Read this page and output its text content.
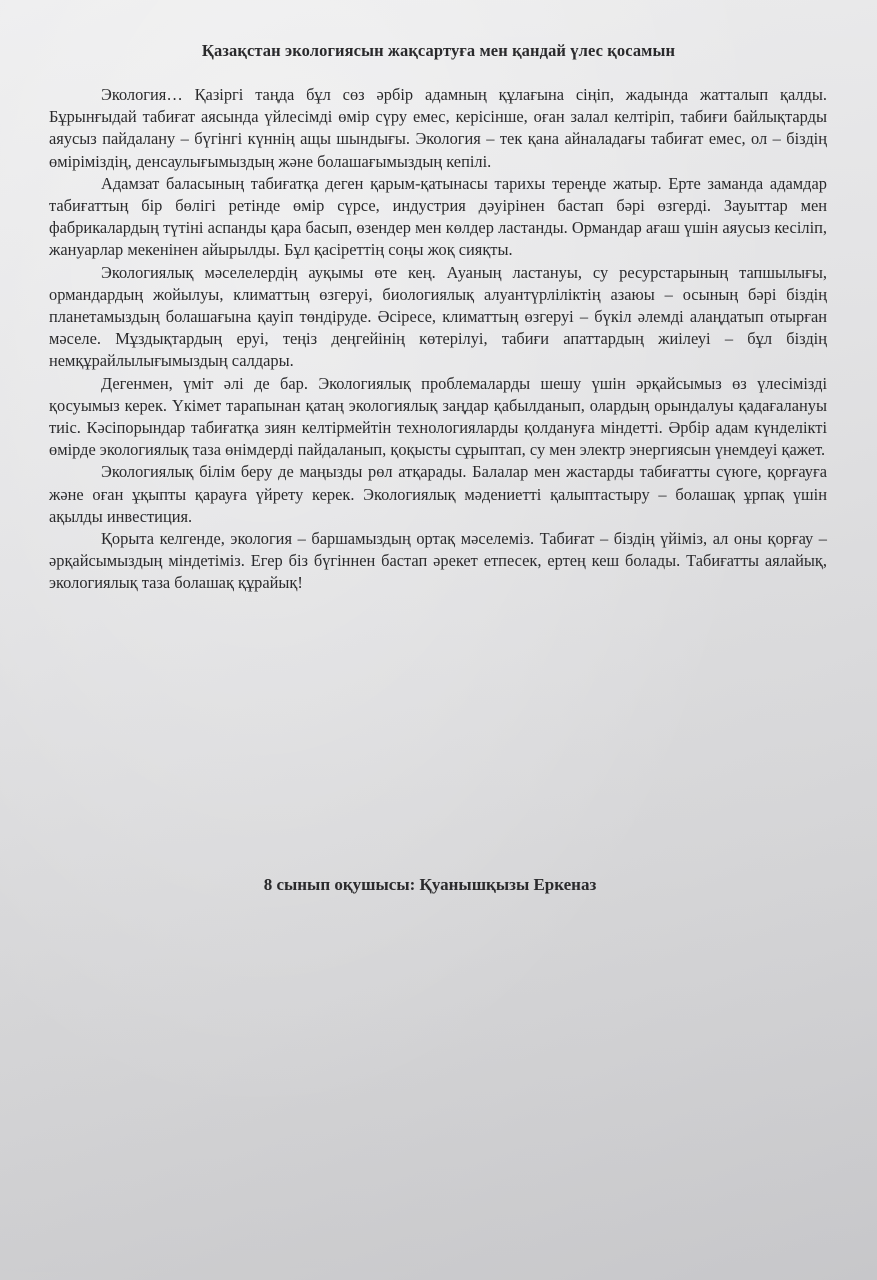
Қазақстан экологиясын жақсартуға мен қандай үлес қосамын

Экология… Қазіргі таңда бұл сөз әрбір адамның құлағына сіңіп, жадында жатталып қалды. Бұрынғыдай табиғат аясында үйлесімді өмір сүру емес, керісінше, оған залал келтіріп, табиғи байлықтарды аяусыз пайдалану – бүгінгі күннің ащы шындығы. Экология – тек қана айналадағы табиғат емес, ол – біздің өміріміздің, денсаулығымыздың және болашағымыздың кепілі.

Адамзат баласының табиғатқа деген қарым-қатынасы тарихы тереңде жатыр. Ерте заманда адамдар табиғаттың бір бөлігі ретінде өмір сүрсе, индустрия дәуірінен бастап бәрі өзгерді. Зауыттар мен фабрикалардың түтіні аспанды қара басып, өзендер мен көлдер ластанды. Ормандар ағаш үшін аяусыз кесіліп, жануарлар мекенінен айырылды. Бұл қасіреттің соңы жоқ сияқты.

Экологиялық мәселелердің ауқымы өте кең. Ауаның ластануы, су ресурстарының тапшылығы, ормандардың жойылуы, климаттың өзгеруі, биологиялық алуантүрліліктің азаюы – осының бәрі біздің планетамыздың болашағына қауіп төндіруде. Әсіресе, климаттың өзгеруі – бүкіл әлемді алаңдатып отырған мәселе. Мұздықтардың еруі, теңіз деңгейінің көтерілуі, табиғи апаттардың жиілеуі – бұл біздің немқұрайлылығымыздың салдары.

Дегенмен, үміт әлі де бар. Экологиялық проблемаларды шешу үшін әрқайсымыз өз үлесімізді қосуымыз керек. Үкімет тарапынан қатаң экологиялық заңдар қабылданып, олардың орындалуы қадағалануы тиіс. Кәсіпорындар табиғатқа зиян келтірмейтін технологияларды қолдануға міндетті. Әрбір адам күнделікті өмірде экологиялық таза өнімдерді пайдаланып, қоқысты сұрыптап, су мен электр энергиясын үнемдеуі қажет.

Экологиялық білім беру де маңызды рөл атқарады. Балалар мен жастарды табиғатты сүюге, қорғауға және оған ұқыпты қарауға үйрету керек. Экологиялық мәдениетті қалыптастыру – болашақ ұрпақ үшін ақылды инвестиция.

Қорыта келгенде, экология – баршамыздың ортақ мәселеміз. Табиғат – біздің үйіміз, ал оны қорғау – әрқайсымыздың міндетіміз. Егер біз бүгіннен бастап әрекет етпесек, ертең кеш болады. Табиғатты аялайық, экологиялық таза болашақ құрайық!

8 сынып оқушысы: Қуанышқызы Еркеназ
